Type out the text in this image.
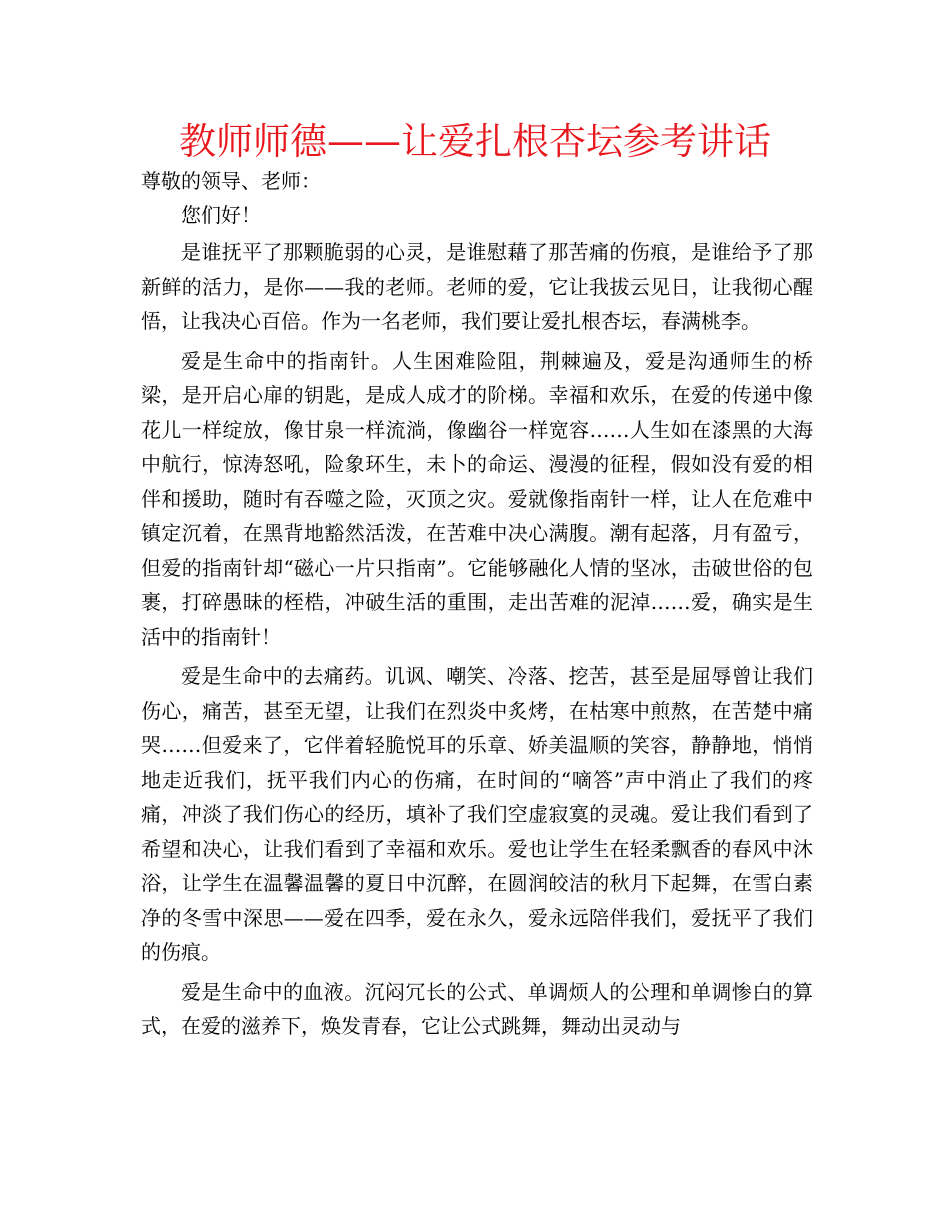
教师师德——让爱扎根杏坛参考讲话

尊敬的领导、老师：

您们好！

是谁抚平了那颗脆弱的心灵，是谁慰藉了那苦痛的伤痕，是谁给予了那新鲜的活力，是你——我的老师。老师的爱，它让我拔云见日，让我彻心醒悟，让我决心百倍。作为一名老师，我们要让爱扎根杏坛，春满桃李。

爱是生命中的指南针。人生困难险阻，荆棘遍及，爱是沟通师生的桥梁，是开启心扉的钥匙，是成人成才的阶梯。幸福和欢乐，在爱的传递中像花儿一样绽放，像甘泉一样流淌，像幽谷一样宽容……人生如在漆黑的大海中航行，惊涛怒吼，险象环生，未卜的命运、漫漫的征程，假如没有爱的相伴和援助，随时有吞噬之险，灭顶之灾。爱就像指南针一样，让人在危难中镇定沉着，在黑背地豁然活泼，在苦难中决心满腹。潮有起落，月有盈亏，但爱的指南针却“磁心一片只指南”。它能够融化人情的坚冰，击破世俗的包裹，打碎愚昧的桎梏，冲破生活的重围，走出苦难的泥淖……爱，确实是生活中的指南针！

爱是生命中的去痛药。讥讽、嘲笑、冷落、挖苦，甚至是屈辱曾让我们伤心，痛苦，甚至无望，让我们在烈炎中炙烤，在枯寒中煎熬，在苦楚中痛哭……但爱来了，它伴着轻脆悦耳的乐章、娇美温顺的笑容，静静地，悄悄地走近我们，抚平我们内心的伤痛，在时间的“嘀答”声中消止了我们的疼痛，冲淡了我们伤心的经历，填补了我们空虚寂寞的灵魂。爱让我们看到了希望和决心，让我们看到了幸福和欢乐。爱也让学生在轻柔飘香的春风中沐浴，让学生在温馨温馨的夏日中沉醉，在圆润皎洁的秋月下起舞，在雪白素净的冬雪中深思——爱在四季，爱在永久，爱永远陪伴我们，爱抚平了我们的伤痕。

爱是生命中的血液。沉闷冗长的公式、单调烦人的公理和单调惨白的算式，在爱的滋养下，焕发青春，它让公式跳舞，舞动出灵动与
